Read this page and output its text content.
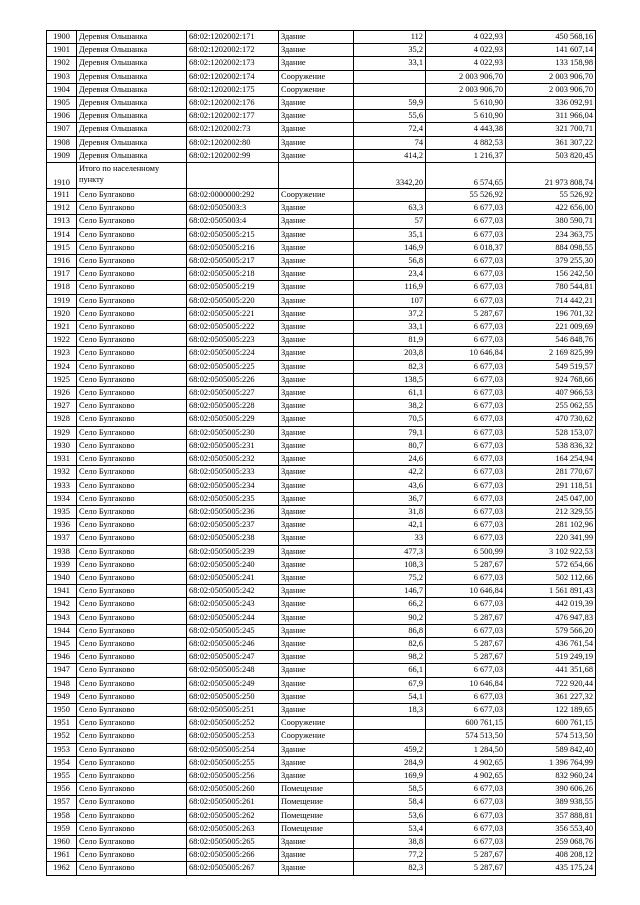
1900	Деревня Ольшанка	68:02:1202002:171	Здание	112	4 022,93	450 568,16
1901	Деревня Ольшанка	68:02:1202002:172	Здание	35,2	4 022,93	141 607,14
1902	Деревня Ольшанка	68:02:1202002:173	Здание	33,1	4 022,93	133 158,98
1903	Деревня Ольшанка	68:02:1202002:174	Сооружение		2 003 906,70	2 003 906,70
1904	Деревня Ольшанка	68:02:1202002:175	Сооружение		2 003 906,70	2 003 906,70
1905	Деревня Ольшанка	68:02:1202002:176	Здание	59,9	5 610,90	336 092,91
1906	Деревня Ольшанка	68:02:1202002:177	Здание	55,6	5 610,90	311 966,04
1907	Деревня Ольшанка	68:02:1202002:73	Здание	72,4	4 443,38	321 700,71
1908	Деревня Ольшанка	68:02:1202002:80	Здание	74	4 882,53	361 307,22
1909	Деревня Ольшанка	68:02:1202002:99	Здание	414,2	1 216,37	503 820,45
1910	Итого по населенному пункту			3342,20	6 574,65	21 973 808,74
1911	Село Булгаково	68:02:0000000:292	Сооружение		55 526,92	55 526,92
1912	Село Булгаково	68:02:0505003:3	Здание	63,3	6 677,03	422 656,00
1913	Село Булгаково	68:02:0505003:4	Здание	57	6 677,03	380 590,71
1914	Село Булгаково	68:02:0505005:215	Здание	35,1	6 677,03	234 363,75
1915	Село Булгаково	68:02:0505005:216	Здание	146,9	6 018,37	884 098,55
1916	Село Булгаково	68:02:0505005:217	Здание	56,8	6 677,03	379 255,30
1917	Село Булгаково	68:02:0505005:218	Здание	23,4	6 677,03	156 242,50
1918	Село Булгаково	68:02:0505005:219	Здание	116,9	6 677,03	780 544,81
1919	Село Булгаково	68:02:0505005:220	Здание	107	6 677,03	714 442,21
1920	Село Булгаково	68:02:0505005:221	Здание	37,2	5 287,67	196 701,32
1921	Село Булгаково	68:02:0505005:222	Здание	33,1	6 677,03	221 009,69
1922	Село Булгаково	68:02:0505005:223	Здание	81,9	6 677,03	546 848,76
1923	Село Булгаково	68:02:0505005:224	Здание	203,8	10 646,84	2 169 825,99
1924	Село Булгаково	68:02:0505005:225	Здание	82,3	6 677,03	549 519,57
1925	Село Булгаково	68:02:0505005:226	Здание	138,5	6 677,03	924 768,66
1926	Село Булгаково	68:02:0505005:227	Здание	61,1	6 677,03	407 966,53
1927	Село Булгаково	68:02:0505005:228	Здание	38,2	6 677,03	255 062,55
1928	Село Булгаково	68:02:0505005:229	Здание	70,5	6 677,03	470 730,62
1929	Село Булгаково	68:02:0505005:230	Здание	79,1	6 677,03	528 153,07
1930	Село Булгаково	68:02:0505005:231	Здание	80,7	6 677,03	538 836,32
1931	Село Булгаково	68:02:0505005:232	Здание	24,6	6 677,03	164 254,94
1932	Село Булгаково	68:02:0505005:233	Здание	42,2	6 677,03	281 770,67
1933	Село Булгаково	68:02:0505005:234	Здание	43,6	6 677,03	291 118,51
1934	Село Булгаково	68:02:0505005:235	Здание	36,7	6 677,03	245 047,00
1935	Село Булгаково	68:02:0505005:236	Здание	31,8	6 677,03	212 329,55
1936	Село Булгаково	68:02:0505005:237	Здание	42,1	6 677,03	281 102,96
1937	Село Булгаково	68:02:0505005:238	Здание	33	6 677,03	220 341,99
1938	Село Булгаково	68:02:0505005:239	Здание	477,3	6 500,99	3 102 922,53
1939	Село Булгаково	68:02:0505005:240	Здание	108,3	5 287,67	572 654,66
1940	Село Булгаково	68:02:0505005:241	Здание	75,2	6 677,03	502 112,66
1941	Село Булгаково	68:02:0505005:242	Здание	146,7	10 646,84	1 561 891,43
1942	Село Булгаково	68:02:0505005:243	Здание	66,2	6 677,03	442 019,39
1943	Село Булгаково	68:02:0505005:244	Здание	90,2	5 287,67	476 947,83
1944	Село Булгаково	68:02:0505005:245	Здание	86,8	6 677,03	579 566,20
1945	Село Булгаково	68:02:0505005:246	Здание	82,6	5 287,67	436 761,54
1946	Село Булгаково	68:02:0505005:247	Здание	98,2	5 287,67	519 249,19
1947	Село Булгаково	68:02:0505005:248	Здание	66,1	6 677,03	441 351,68
1948	Село Булгаково	68:02:0505005:249	Здание	67,9	10 646,84	722 920,44
1949	Село Булгаково	68:02:0505005:250	Здание	54,1	6 677,03	361 227,32
1950	Село Булгаково	68:02:0505005:251	Здание	18,3	6 677,03	122 189,65
1951	Село Булгаково	68:02:0505005:252	Сооружение		600 761,15	600 761,15
1952	Село Булгаково	68:02:0505005:253	Сооружение		574 513,50	574 513,50
1953	Село Булгаково	68:02:0505005:254	Здание	459,2	1 284,50	589 842,40
1954	Село Булгаково	68:02:0505005:255	Здание	284,9	4 902,65	1 396 764,99
1955	Село Булгаково	68:02:0505005:256	Здание	169,9	4 902,65	832 960,24
1956	Село Булгаково	68:02:0505005:260	Помещение	58,5	6 677,03	390 606,26
1957	Село Булгаково	68:02:0505005:261	Помещение	58,4	6 677,03	389 938,55
1958	Село Булгаково	68:02:0505005:262	Помещение	53,6	6 677,03	357 888,81
1959	Село Булгаково	68:02:0505005:263	Помещение	53,4	6 677,03	356 553,40
1960	Село Булгаково	68:02:0505005:265	Здание	38,8	6 677,03	259 068,76
1961	Село Булгаково	68:02:0505005:266	Здание	77,2	5 287,67	408 208,12
1962	Село Булгаково	68:02:0505005:267	Здание	82,3	5 287,67	435 175,24
